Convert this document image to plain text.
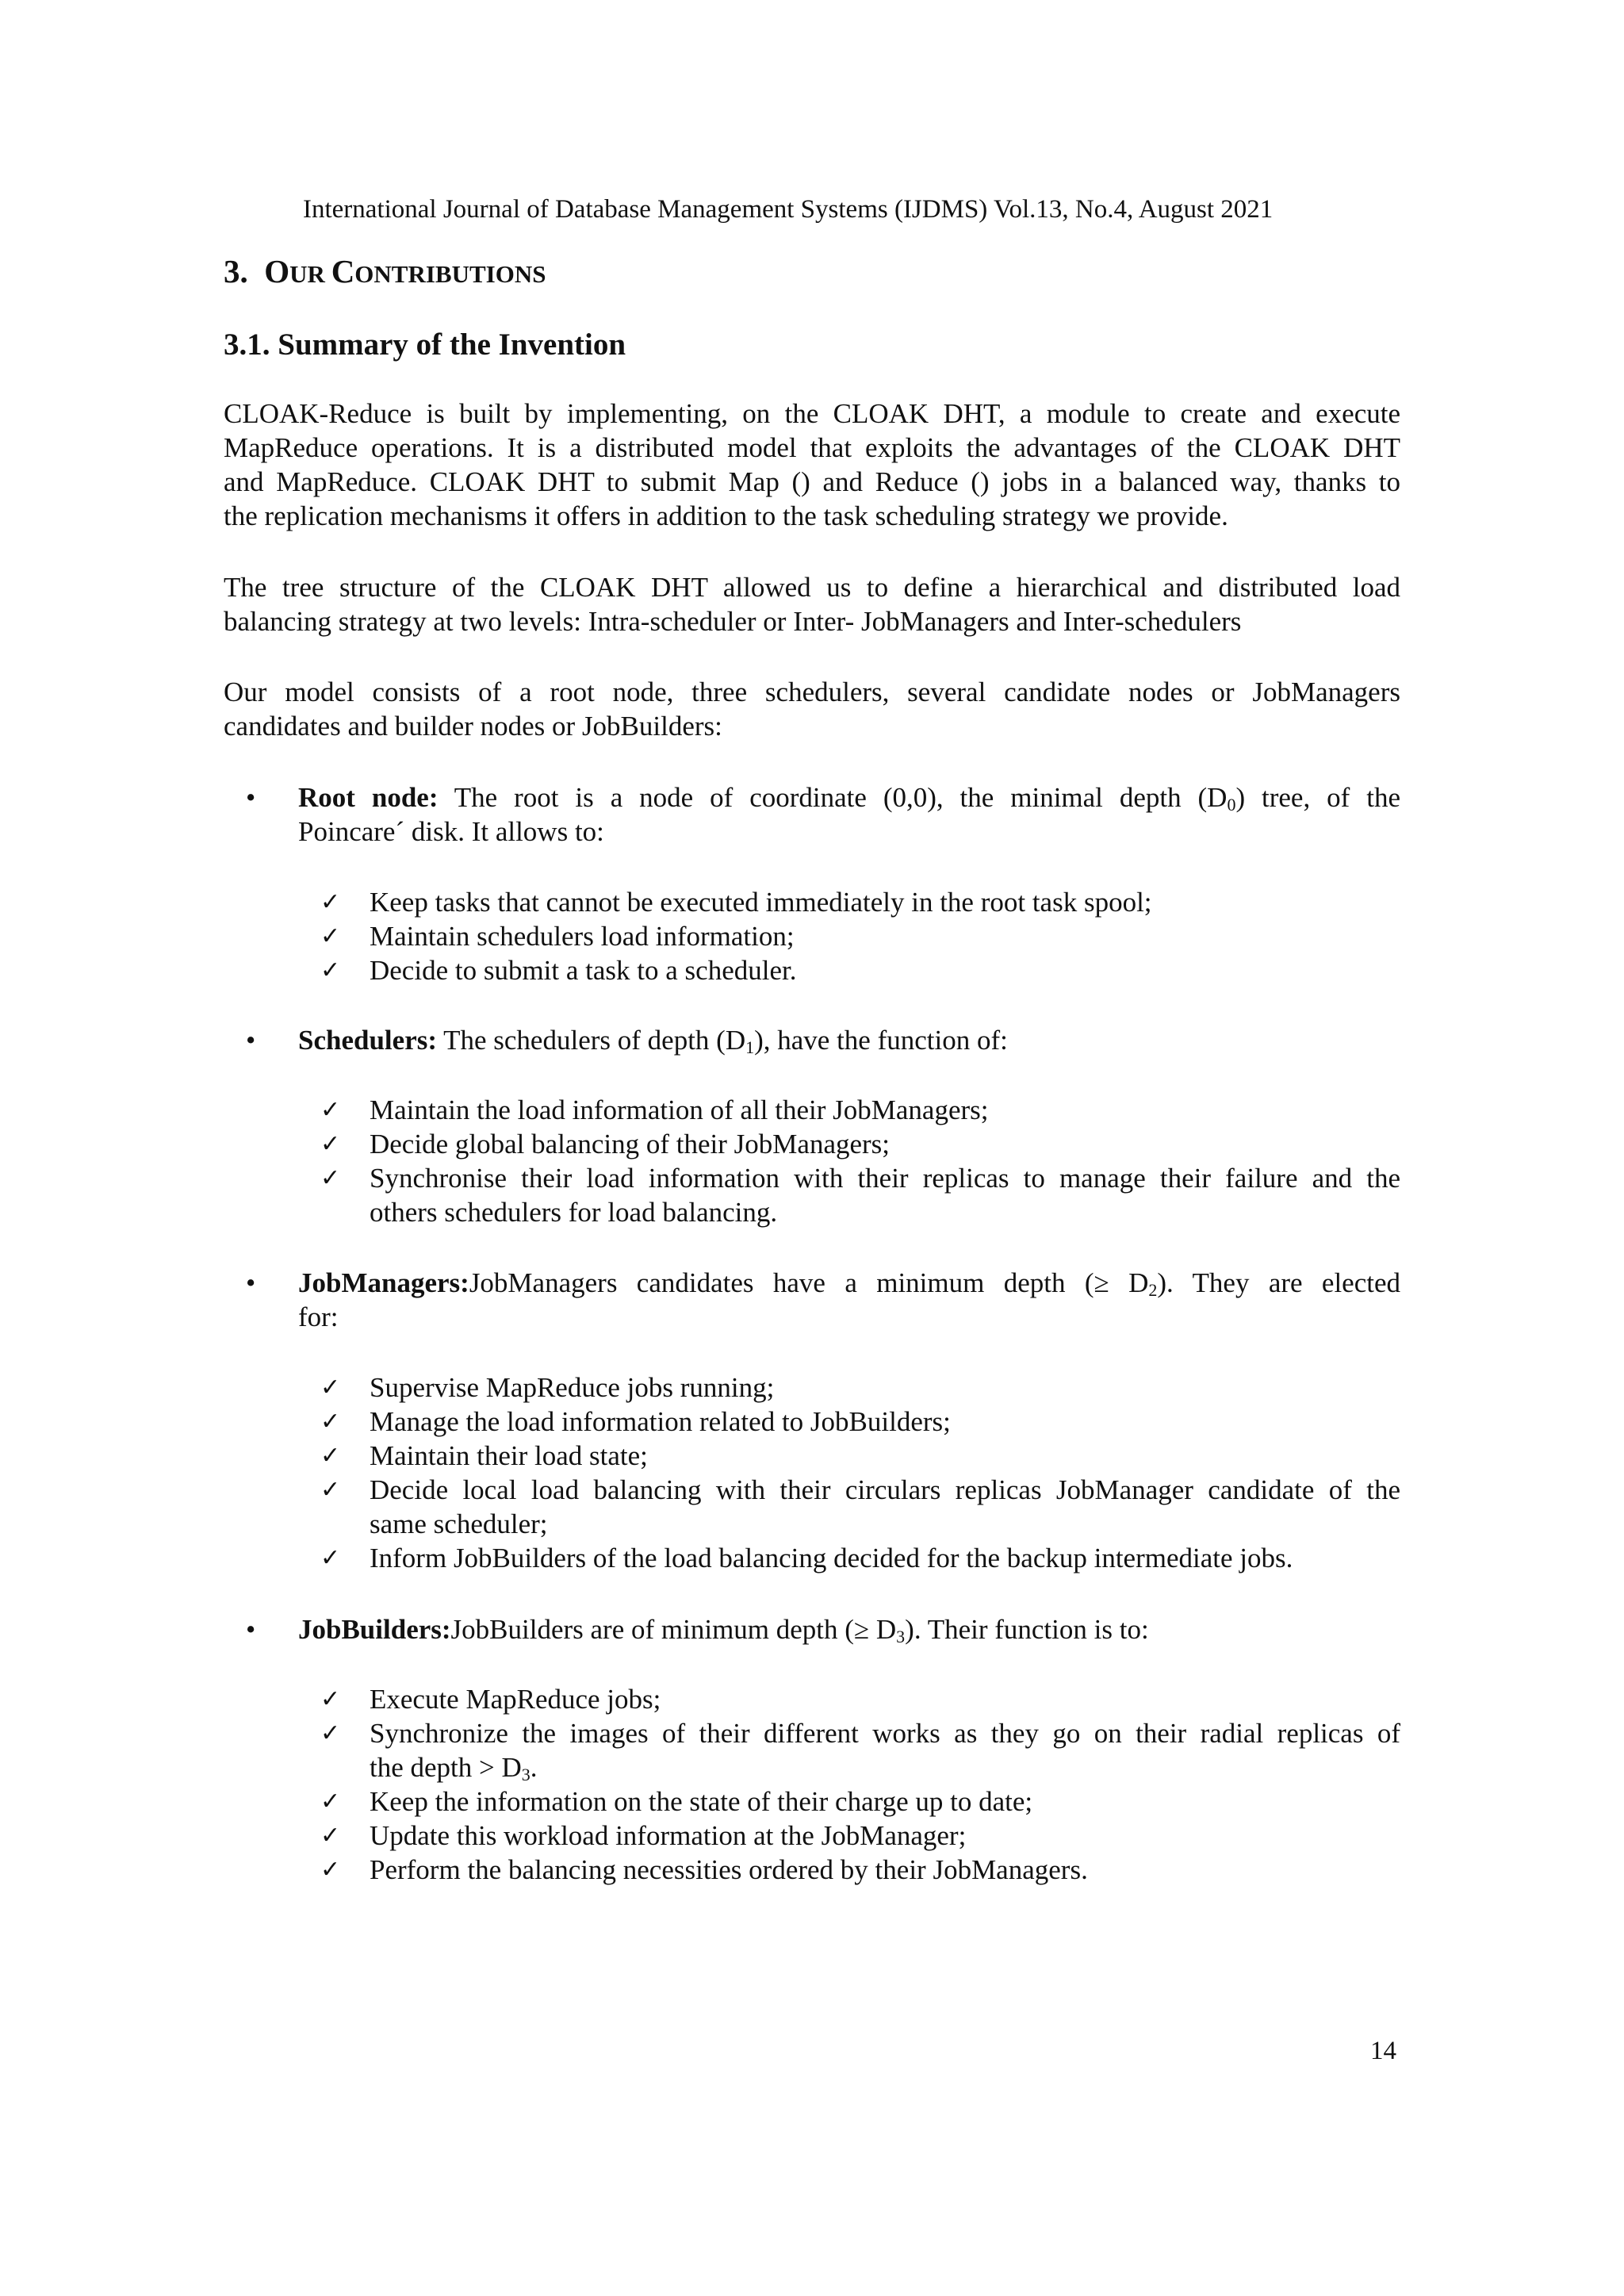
International Journal of Database Management Systems (IJDMS) Vol.13, No.4, August 2021
3. OUR CONTRIBUTIONS
3.1. Summary of the Invention

CLOAK-Reduce is built by implementing, on the CLOAK DHT, a module to create and execute
MapReduce operations. It is a distributed model that exploits the advantages of the CLOAK DHT
and MapReduce. CLOAK DHT to submit Map () and Reduce () jobs in a balanced way, thanks to
the replication mechanisms it offers in addition to the task scheduling strategy we provide.

The tree structure of the CLOAK DHT allowed us to define a hierarchical and distributed load
balancing strategy at two levels: Intra-scheduler or Inter- JobManagers and Inter-schedulers

Our model consists of a root node, three schedulers, several candidate nodes or JobManagers
candidates and builder nodes or JobBuilders:

• Root node: The root is a node of coordinate (0,0), the minimal depth $(D_0)$ tree, of the
Poincare´ disk. It allows to:
✓ Keep tasks that cannot be executed immediately in the root task spool;
✓ Maintain schedulers load information;
✓ Decide to submit a task to a scheduler.
• Schedulers: The schedulers of depth $(D_1)$, have the function of:
✓ Maintain the load information of all their JobManagers;
✓ Decide global balancing of their JobManagers;
✓ Synchronise their load information with their replicas to manage their failure and the
others schedulers for load balancing.
• JobManagers:JobManagers candidates have a minimum depth (≥ $D_2$). They are elected
for:
✓ Supervise MapReduce jobs running;
✓ Manage the load information related to JobBuilders;
✓ Maintain their load state;
✓ Decide local load balancing with their circulars replicas JobManager candidate of the
same scheduler;
✓ Inform JobBuilders of the load balancing decided for the backup intermediate jobs.
• JobBuilders:JobBuilders are of minimum depth (≥ $D_3$). Their function is to:
✓ Execute MapReduce jobs;
✓ Synchronize the images of their different works as they go on their radial replicas of
the depth > $D_3$.
✓ Keep the information on the state of their charge up to date;
✓ Update this workload information at the JobManager;
✓ Perform the balancing necessities ordered by their JobManagers.
14
